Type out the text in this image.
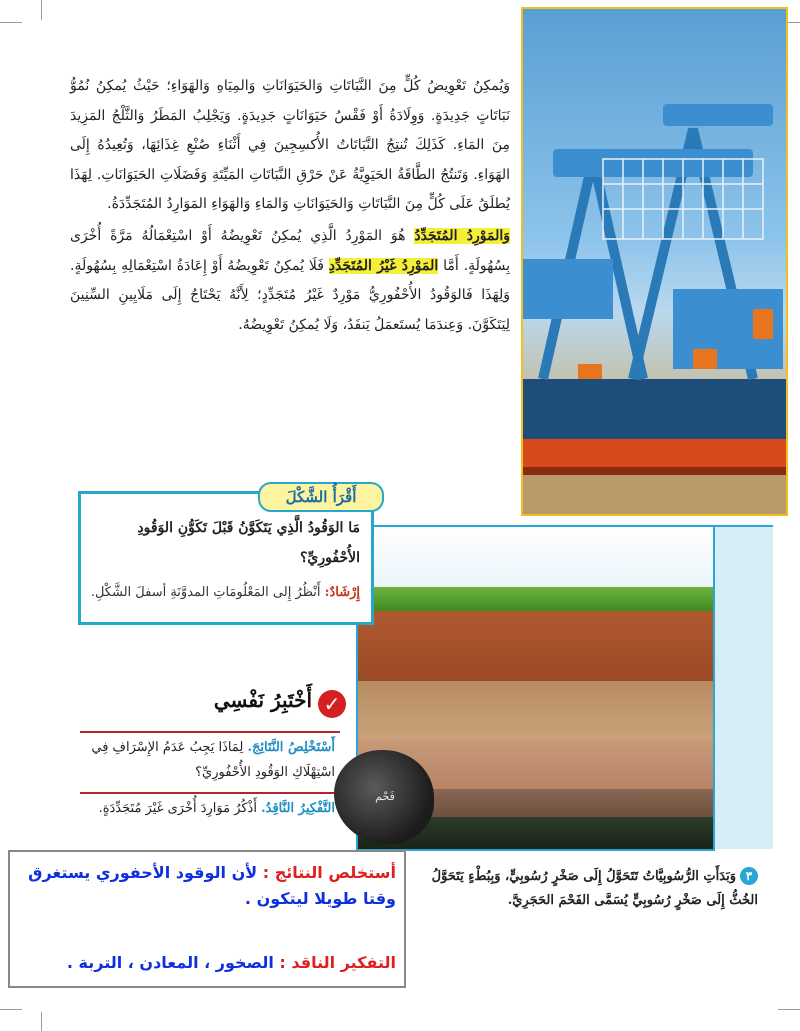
وَيُمكِنُ تَعْوِيضُ كُلٍّ مِنَ النَّبَاتَاتِ وَالحَيَوَانَاتِ وَالمِيَاهِ وَالهَوَاءِ؛ حَيْثُ يُمكِنُ نُمُوُّ نَبَاتَاتٍ جَدِيدَةٍ. وَوِلَادَةُ أَوْ فَقْسُ حَيَوَانَاتٍ جَدِيدَةٍ. وَيَجْلِبُ المَطَرُ وَالثَّلْجُ المَزِيدَ مِنَ المَاءِ. كَذَلِكَ تُنتِجُ النَّبَاتَاتُ الأُكسِجِينَ فِي أَثْنَاءِ صُنْعِ غِذَائِهَا، وَتُعِيدُهُ إِلَى الهَوَاءِ. وَتَنتُجُ الطَّاقَةُ الحَيَوِيَّةُ عَنْ حَرْقِ النَّبَاتَاتِ المَيِّتَةِ وَفَضَلَاتِ الحَيَوَانَاتِ. لِهَذَا يُطلَقُ عَلَى كُلٍّ مِنَ النَّبَاتَاتِ وَالحَيَوَانَاتِ وَالمَاءِ وَالهَوَاءِ المَوَارِدُ المُتَجَدِّدَةُ.

وَالمَوْرِدُ المُتَجَدِّدُ هُوَ المَوْرِدُ الَّذِي يُمكِنُ تَعْوِيضُهُ أَوْ اسْتِعْمَالُهُ مَرَّةً أُخْرَى بِسُهُولَةٍ. أَمَّا المَوْرِدُ غَيْرُ المُتَجَدِّدِ فَلَا يُمكِنُ تَعْوِيضُهُ أَوْ إِعَادَةُ اسْتِعْمَالِهِ بِسُهُولَةٍ. وَلِهَذَا فَالوَقُودُ الأُحْفُورِيُّ مَوْرِدٌ غَيْرُ مُتَجَدِّدٍ؛ لِأَنَّهُ يَحْتَاجُ إِلَى مَلَايِينِ السِّنِينَ لِيَتَكَوَّنَ. وَعِندَمَا يُستَعمَلُ يَنفَدُ، وَلَا يُمكِنُ تَعْوِيضُهُ.

أَقْرَأُ الشَّكْلَ
مَا الوَقُودُ الَّذِي يَتَكَوَّنُ قَبْلَ تَكَوُّنِ الوَقُودِ الأُحْفُورِيِّ؟
إِرْشَادٌ: أَنْظُرُ إِلى المَعْلُومَاتِ المدوَّنَةِ أسفلَ الشَّكْلِ.
✓
أَخْتَبِرُ نَفْسِي
أَسْتَخْلِصُ النَّتَائِجَ. لِمَاذَا يَجِبُ عَدَمُ الإِسْرَافِ فِي اسْتِهْلَاكِ الوَقُودِ الأُحْفُورِيِّ؟
التَّفْكِيرُ النَّاقِدُ. أَذْكُرُ مَوَارِدَ أُخْرَى غَيْرَ مُتَجَدِّدَةٍ.
فَحْم
٣وَبَدَأَتِ الرُّسُوبِيَّاتُ تَتَحَوَّلُ إِلَى صَخْرٍ رُسُوبِيٍّ، وَبِبُطْءٍ يَتَحَوَّلُ الخُثُّ إِلَى صَخْرٍ رُسُوبِيٍّ يُسَمَّى الفَحْمَ الحَجَرِيَّ.
أستخلص النتائج : لأن الوقود الأحفوري يستغرق وقتا طويلا ليتكون .
التفكير الناقد : الصخور ، المعادن ، التربة .
